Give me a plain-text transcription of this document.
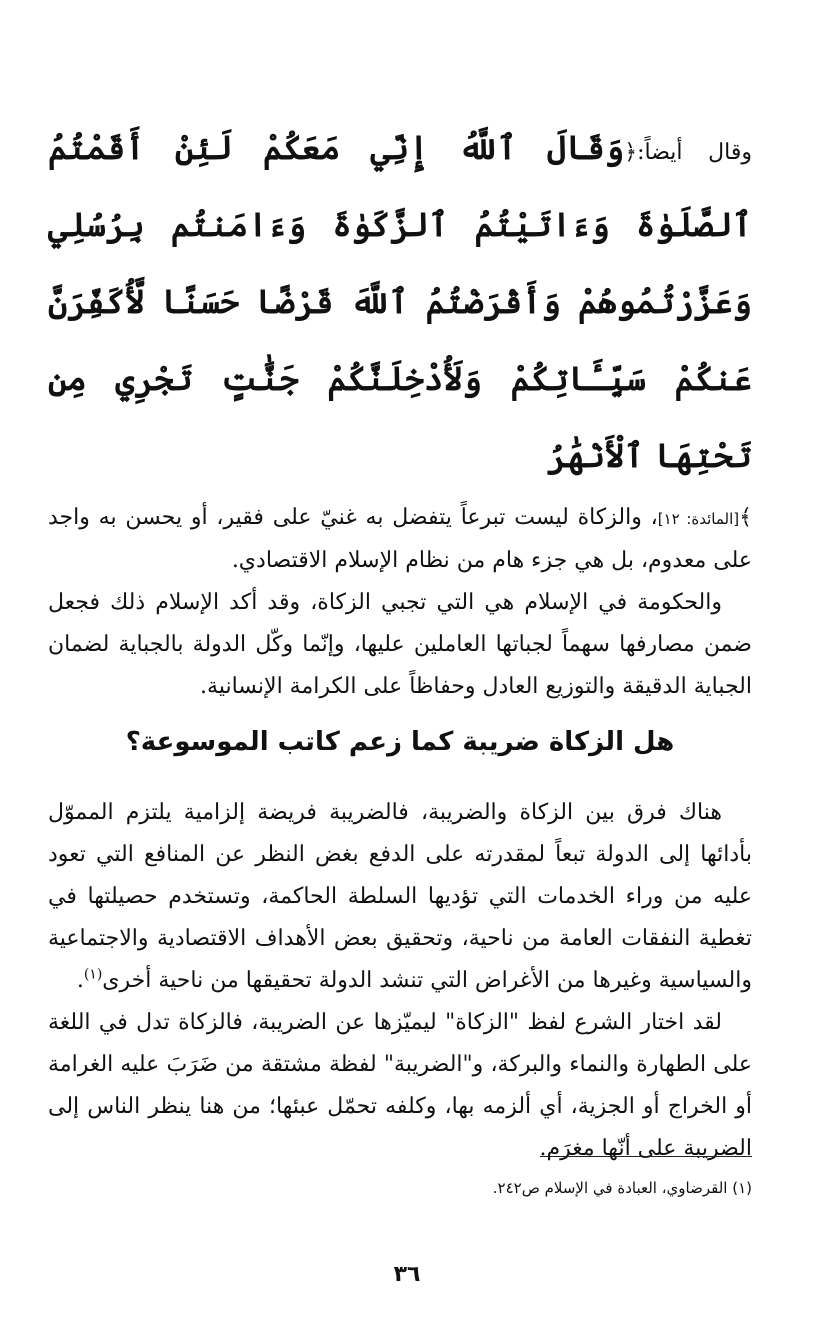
وقال أيضاً:﴿وَقَالَ ٱللَّهُ إِنِّي مَعَكُمْ لَئِنْ أَقَمْتُمُ ٱلصَّلَوٰةَ وَءَاتَيْتُمُ ٱلزَّكَوٰةَ وَءَامَنتُم بِرُسُلِي وَعَزَّرْتُمُوهُمْ وَأَقْرَضْتُمُ ٱللَّهَ قَرْضًا حَسَنًا لَّأُكَفِّرَنَّ عَنكُمْ سَيِّـَٔاتِكُمْ وَلَأُدْخِلَنَّكُمْ جَنَّٰتٍ تَجْرِي مِن تَحْتِهَا ٱلْأَنْهَٰرُ

﴾[المائدة: ١٢]، والزكاة ليست تبرعاً يتفضل به غنيّ على فقير، أو يحسن به واجد على معدوم، بل هي جزء هام من نظام الإسلام الاقتصادي.

والحكومة في الإسلام هي التي تجبي الزكاة، وقد أكد الإسلام ذلك فجعل ضمن مصارفها سهماً لجباتها العاملين عليها، وإنّما وكّل الدولة بالجباية لضمان الجباية الدقيقة والتوزيع العادل وحفاظاً على الكرامة الإنسانية.

هل الزكاة ضريبة كما زعم كاتب الموسوعة؟

هناك فرق بين الزكاة والضريبة، فالضريبة فريضة إلزامية يلتزم المموّل بأدائها إلى الدولة تبعاً لمقدرته على الدفع بغض النظر عن المنافع التي تعود عليه من وراء الخدمات التي تؤديها السلطة الحاكمة، وتستخدم حصيلتها في تغطية النفقات العامة من ناحية، وتحقيق بعض الأهداف الاقتصادية والاجتماعية والسياسية وغيرها من الأغراض التي تنشد الدولة تحقيقها من ناحية أخرى$^{(١)}$.

لقد اختار الشرع لفظ "الزكاة" ليميّزها عن الضريبة، فالزكاة تدل في اللغة على الطهارة والنماء والبركة، و"الضريبة" لفظة مشتقة من ضَرَبَ عليه الغرامة أو الخراج أو الجزية، أي ألزمه بها، وكلفه تحمّل عبئها؛ من هنا ينظر الناس إلى الضريبة على أنّها مغرَم.

(١) القرضاوي، العبادة في الإسلام ص٢٤٢.
٣٦
